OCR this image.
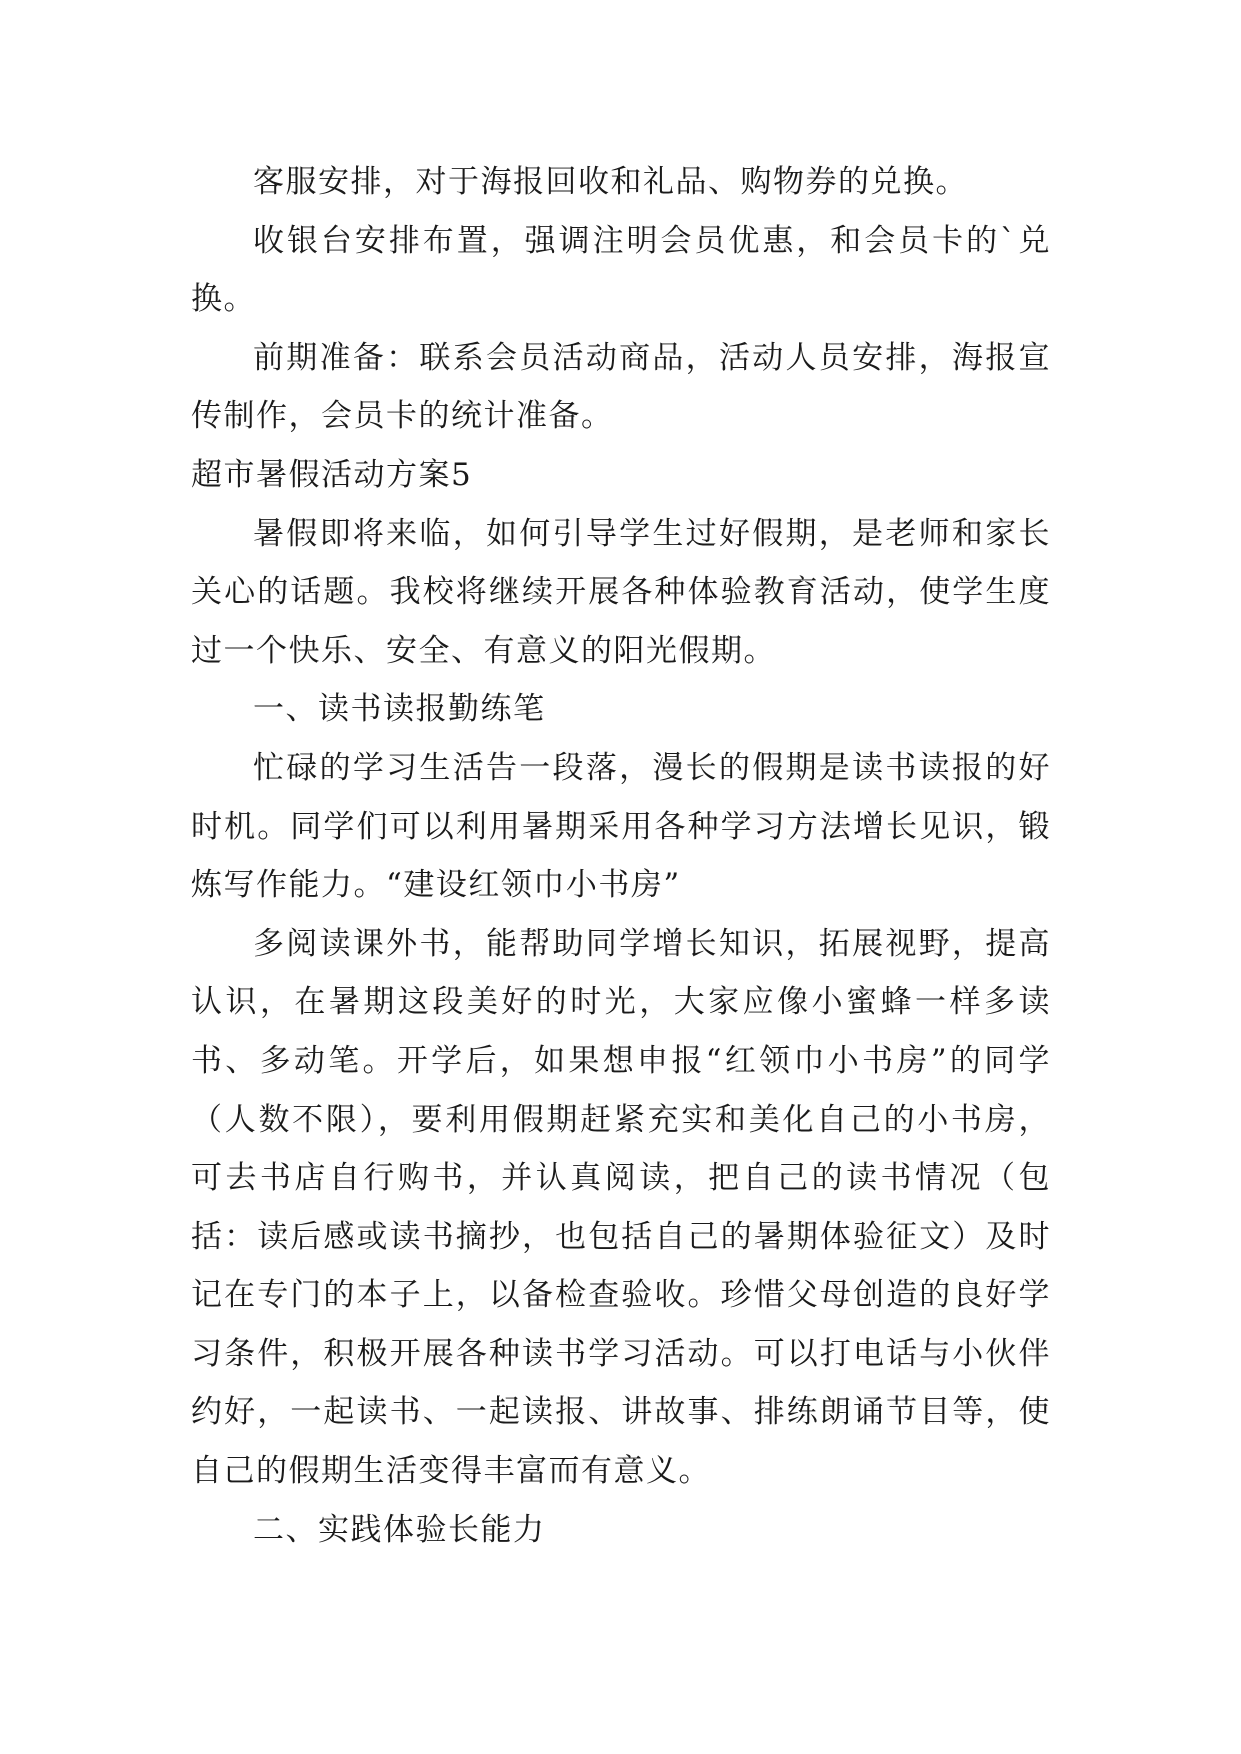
客服安排，对于海报回收和礼品、购物券的兑换。

收银台安排布置，强调注明会员优惠，和会员卡的`兑换。

前期准备：联系会员活动商品，活动人员安排，海报宣传制作，会员卡的统计准备。

超市暑假活动方案5

暑假即将来临，如何引导学生过好假期，是老师和家长关心的话题。我校将继续开展各种体验教育活动，使学生度过一个快乐、安全、有意义的阳光假期。

一、读书读报勤练笔

忙碌的学习生活告一段落，漫长的假期是读书读报的好时机。同学们可以利用暑期采用各种学习方法增长见识，锻炼写作能力。“建设红领巾小书房”

多阅读课外书，能帮助同学增长知识，拓展视野，提高认识，在暑期这段美好的时光，大家应像小蜜蜂一样多读书、多动笔。开学后，如果想申报“红领巾小书房”的同学（人数不限），要利用假期赶紧充实和美化自己的小书房，可去书店自行购书，并认真阅读，把自己的读书情况（包括：读后感或读书摘抄，也包括自己的暑期体验征文）及时记在专门的本子上，以备检查验收。珍惜父母创造的良好学习条件，积极开展各种读书学习活动。可以打电话与小伙伴约好，一起读书、一起读报、讲故事、排练朗诵节目等，使自己的假期生活变得丰富而有意义。

二、实践体验长能力
